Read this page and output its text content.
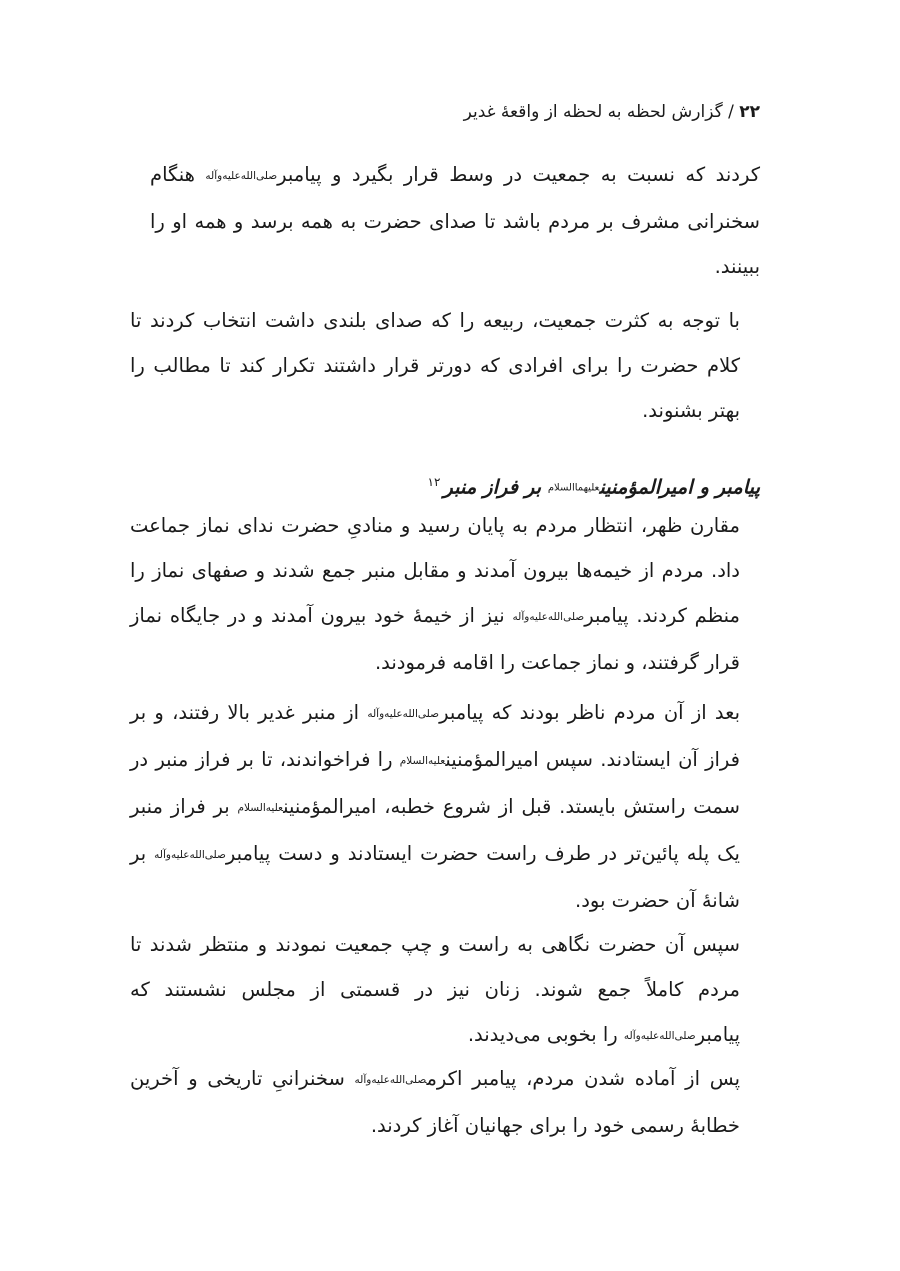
۲۲ / گزارش لحظه به لحظه از واقعهٔ غدیر

کردند که نسبت به جمعیت در وسط قرار بگیرد و پیامبرصلی‌الله‌علیه‌وآله هنگام سخنرانی مشرف بر مردم باشد تا صدای حضرت به همه برسد و همه او را ببینند.

با توجه به کثرت جمعیت، ربیعه را که صدای بلندی داشت انتخاب کردند تا کلام حضرت را برای افرادی که دورتر قرار داشتند تکرار کند تا مطالب را بهتر بشنوند.

پیامبر و امیرالمؤمنینعلیهماالسلام بر فراز منبر$^{۱۲}$

مقارن ظهر، انتظار مردم به پایان رسید و منادیِ حضرت ندای نماز جماعت داد. مردم از خیمه‌ها بیرون آمدند و مقابل منبر جمع شدند و صفهای نماز را منظم کردند. پیامبرصلی‌الله‌علیه‌وآله نیز از خیمهٔ خود بیرون آمدند و در جایگاه نماز قرار گرفتند، و نماز جماعت را اقامه فرمودند.

بعد از آن مردم ناظر بودند که پیامبرصلی‌الله‌علیه‌وآله از منبر غدیر بالا رفتند، و بر فراز آن ایستادند. سپس امیرالمؤمنینعلیه‌السلام را فراخواندند، تا بر فراز منبر در سمت راستش بایستد. قبل از شروع خطبه، امیرالمؤمنینعلیه‌السلام بر فراز منبر یک پله پائین‌تر در طرف راست حضرت ایستادند و دست پیامبرصلی‌الله‌علیه‌وآله بر شانهٔ آن حضرت بود.

سپس آن حضرت نگاهی به راست و چپ جمعیت نمودند و منتظر شدند تا مردم کاملاً جمع شوند. زنان نیز در قسمتی از مجلس نشستند که پیامبرصلی‌الله‌علیه‌وآله را بخوبی می‌دیدند.

پس از آماده شدن مردم، پیامبر اکرمصلی‌الله‌علیه‌وآله سخنرانیِ تاریخی و آخرین خطابهٔ رسمی خود را برای جهانیان آغاز کردند.
